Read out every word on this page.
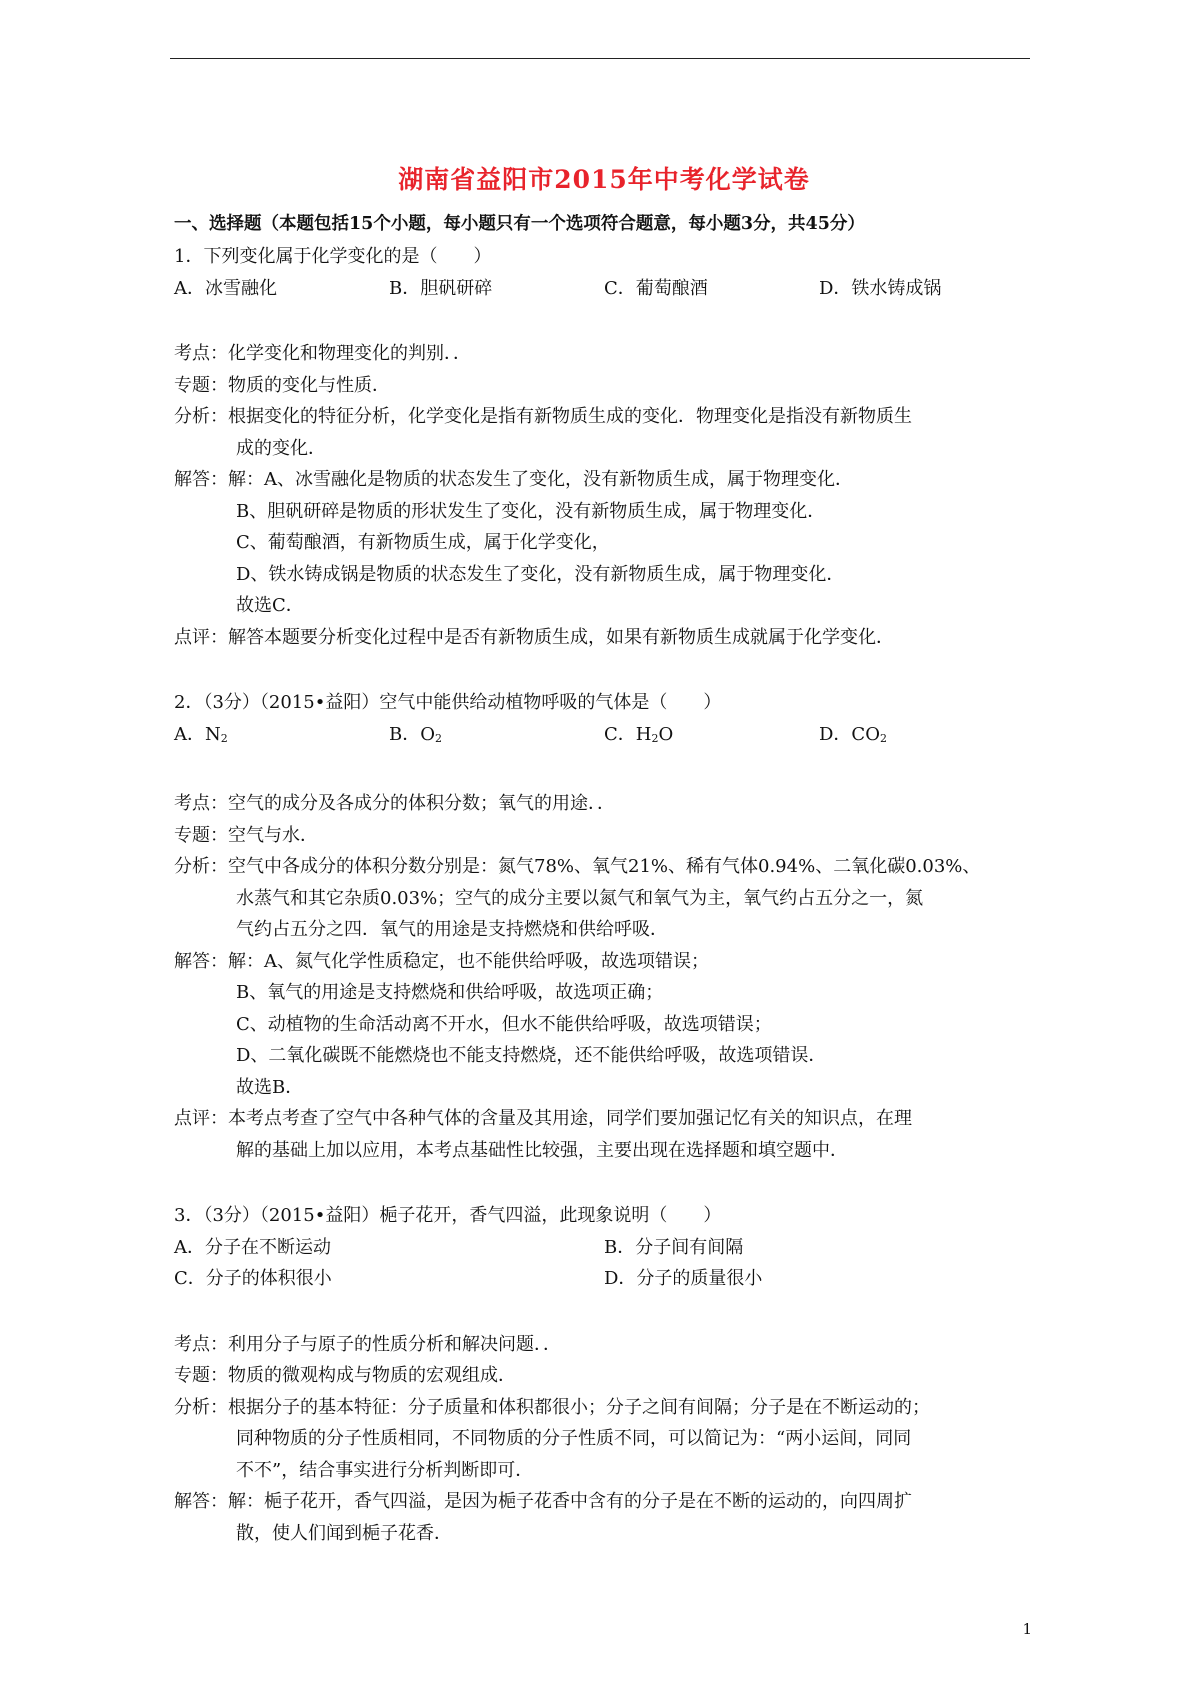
湖南省益阳市2015年中考化学试卷
一、选择题（本题包括15个小题，每小题只有一个选项符合题意，每小题3分，共45分）
1．下列变化属于化学变化的是（　　）
A．冰雪融化	B．胆矾研碎	C．葡萄酿酒	D．铁水铸成锅
考点：化学变化和物理变化的判别．．
专题：物质的变化与性质．
分析：根据变化的特征分析，化学变化是指有新物质生成的变化．物理变化是指没有新物质生
成的变化．
解答：解：A、冰雪融化是物质的状态发生了变化，没有新物质生成，属于物理变化．
B、胆矾研碎是物质的形状发生了变化，没有新物质生成，属于物理变化．
C、葡萄酿酒，有新物质生成，属于化学变化，
D、铁水铸成锅是物质的状态发生了变化，没有新物质生成，属于物理变化．
故选C．
点评：解答本题要分析变化过程中是否有新物质生成，如果有新物质生成就属于化学变化．
2．（3分）（2015•益阳）空气中能供给动植物呼吸的气体是（　　）
A．$N_2$	B．$O_2$	C．$H_2O$	D．$CO_2$
考点：空气的成分及各成分的体积分数；氧气的用途．．
专题：空气与水．
分析：空气中各成分的体积分数分别是：氮气78%、氧气21%、稀有气体0.94%、二氧化碳0.03%、
水蒸气和其它杂质0.03%；空气的成分主要以氮气和氧气为主，氧气约占五分之一，氮
气约占五分之四．氧气的用途是支持燃烧和供给呼吸．
解答：解：A、氮气化学性质稳定，也不能供给呼吸，故选项错误；
B、氧气的用途是支持燃烧和供给呼吸，故选项正确；
C、动植物的生命活动离不开水，但水不能供给呼吸，故选项错误；
D、二氧化碳既不能燃烧也不能支持燃烧，还不能供给呼吸，故选项错误．
故选B．
点评：本考点考查了空气中各种气体的含量及其用途，同学们要加强记忆有关的知识点，在理
解的基础上加以应用，本考点基础性比较强，主要出现在选择题和填空题中．
3．（3分）（2015•益阳）梔子花开，香气四溢，此现象说明（　　）
A．分子在不断运动	B．分子间有间隔
C．分子的体积很小	D．分子的质量很小
考点：利用分子与原子的性质分析和解决问题．．
专题：物质的微观构成与物质的宏观组成．
分析：根据分子的基本特征：分子质量和体积都很小；分子之间有间隔；分子是在不断运动的；
同种物质的分子性质相同，不同物质的分子性质不同，可以简记为：“两小运间，同同
不不”，结合事实进行分析判断即可．
解答：解：梔子花开，香气四溢，是因为梔子花香中含有的分子是在不断的运动的，向四周扩
散，使人们闻到梔子花香．
1
